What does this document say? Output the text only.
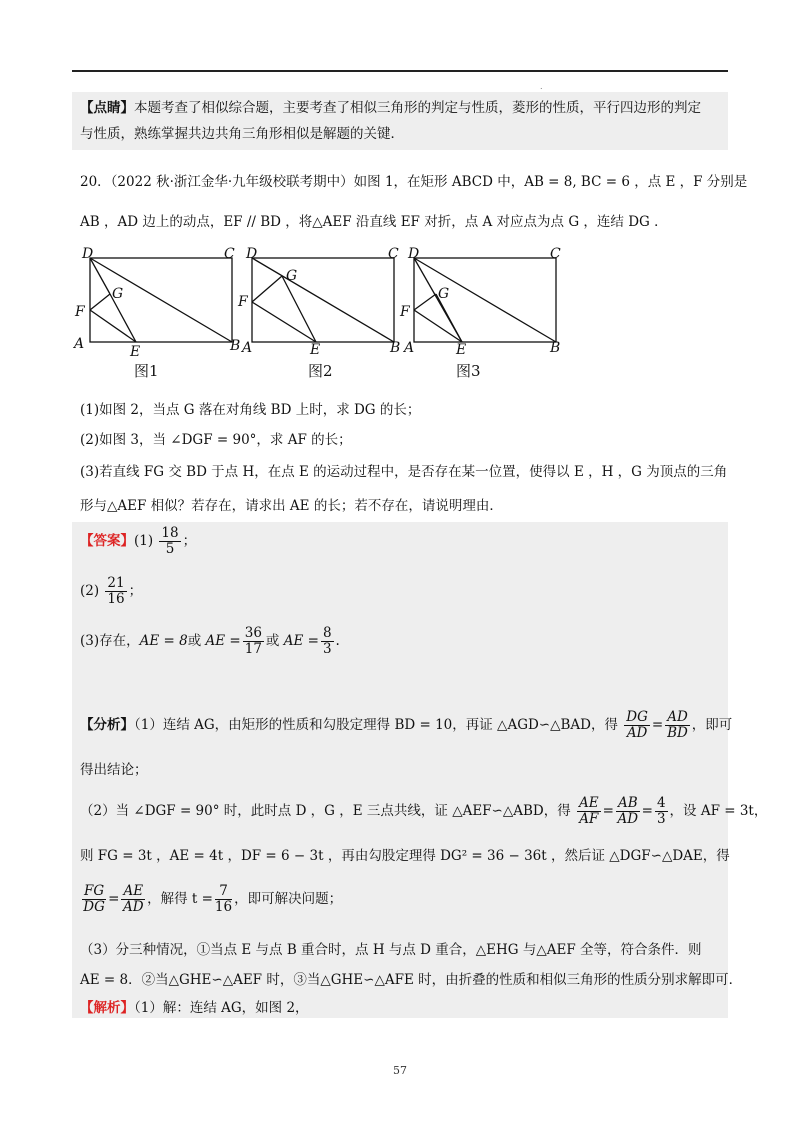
.
【点睛】本题考查了相似综合题，主要考查了相似三角形的判定与性质，菱形的性质，平行四边形的判定
与性质，熟练掌握共边共角三角形相似是解题的关键．
20．（2022 秋·浙江金华·九年级校联考期中）如图 1，在矩形 ABCD 中，AB = 8, BC = 6 ，点 E ，F 分别是
AB ，AD 边上的动点，EF // BD ，将△AEF 沿直线 EF 对折，点 A 对应点为点 G ，连结 DG ．
D	C
A	B
E
F
G
图1
D	C
A	B
E
F
G
图2
D	C
A	B
E
F
G
图3
(1)如图 2，当点 G 落在对角线 BD 上时，求 DG 的长；
(2)如图 3，当 ∠DGF = 90°，求 AF 的长；
(3)若直线 FG 交 BD 于点 H，在点 E 的运动过程中，是否存在某一位置，使得以 E ，H ，G 为顶点的三角
形与△AEF 相似？若存在，请求出 AE 的长；若不存在，请说明理由．
【答案】$(1) \frac{18}{5}$ ；
$(2) \frac{21}{16}$ ；
(3)存在，AE = 8或 AE = $\frac{36}{17}$ 或 AE = $\frac{8}{3}$ .
【分析】（1）连结 AG，由矩形的性质和勾股定理得 BD = 10，再证 △AGD∽△BAD，得 $\frac{DG}{AD} = \frac{AD}{BD}$ ，即可
得出结论；
（2）当 ∠DGF = 90° 时，此时点 D ，G ，E 三点共线，证 △AEF∽△ABD，得 $\frac{AE}{AF} = \frac{AB}{AD} = \frac{4}{3}$ ，设 AF = 3t，
则 FG = 3t ，AE = 4t ，DF = 6 − 3t ，再由勾股定理得 DG² = 36 − 36t ，然后证 △DGF∽△DAE，得
$\frac{FG}{DG} = \frac{AE}{AD}$ ，解得 $t = \frac{7}{16}$ ，即可解决问题；
（3）分三种情况，①当点 E 与点 B 重合时，点 H 与点 D 重合，△EHG 与△AEF 全等，符合条件．则
AE = 8．②当△GHE∽△AEF 时，③当△GHE∽△AFE 时，由折叠的性质和相似三角形的性质分别求解即可．
【解析】（1）解：连结 AG，如图 2，
57
